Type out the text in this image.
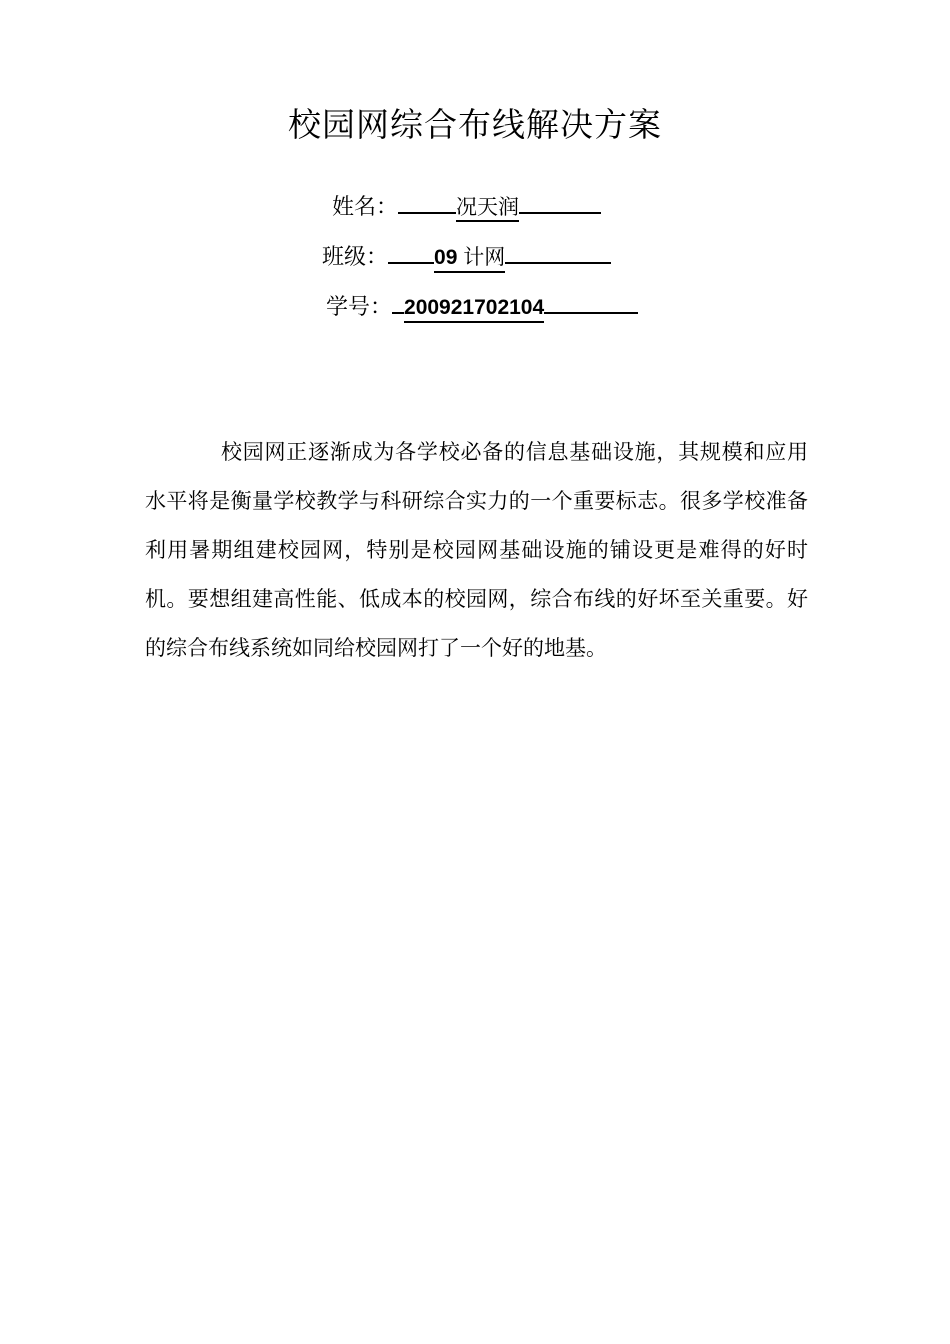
校园网综合布线解决方案
姓名：	况天润
班级： 09 计网
学号： 200921702104

校园网正逐渐成为各学校必备的信息基础设施，其规模和应用水平将是衡量学校教学与科研综合实力的一个重要标志。很多学校准备利用暑期组建校园网，特别是校园网基础设施的铺设更是难得的好时机。要想组建高性能、低成本的校园网，综合布线的好坏至关重要。好的综合布线系统如同给校园网打了一个好的地基。
